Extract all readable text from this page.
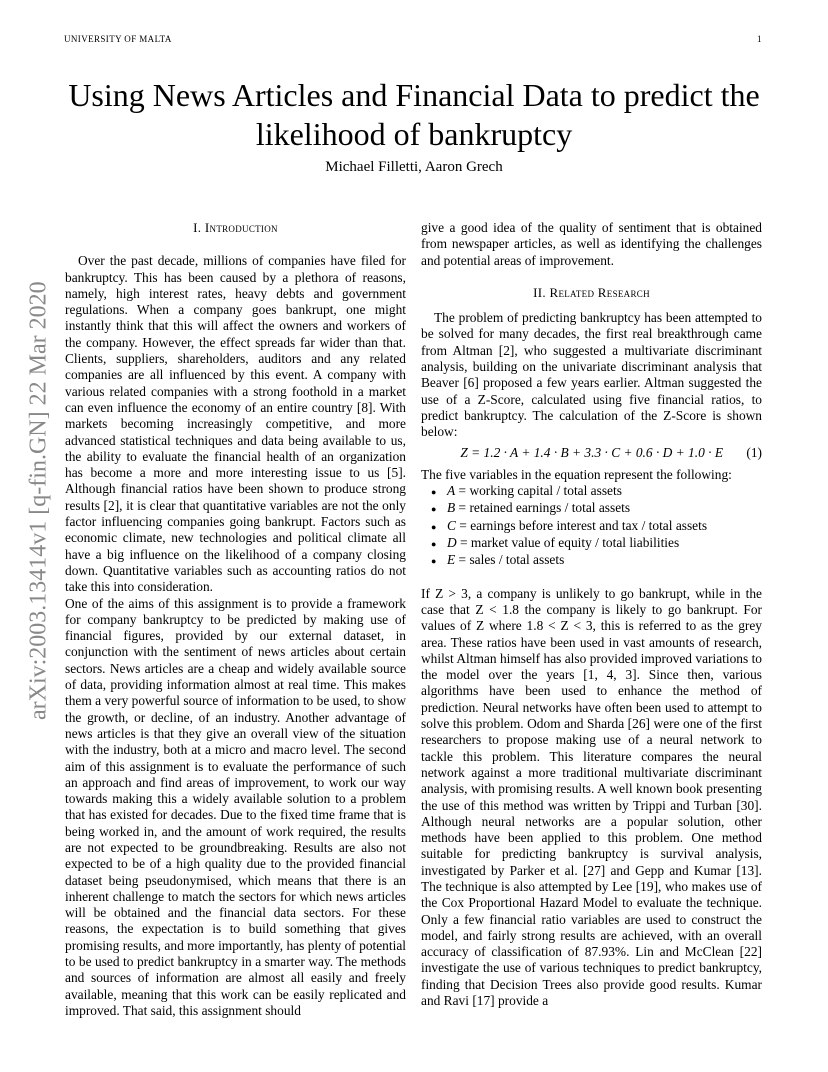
UNIVERSITY OF MALTA	1
Using News Articles and Financial Data to predict the likelihood of bankruptcy
Michael Filletti, Aaron Grech
arXiv:2003.13414v1 [q-fin.GN] 22 Mar 2020
I. Introduction

Over the past decade, millions of companies have filed for bankruptcy. This has been caused by a plethora of reasons, namely, high interest rates, heavy debts and government regulations. When a company goes bankrupt, one might instantly think that this will affect the owners and workers of the company. However, the effect spreads far wider than that. Clients, suppliers, shareholders, auditors and any related companies are all influenced by this event. A company with various related companies with a strong foothold in a market can even influence the economy of an entire country [8]. With markets becoming increasingly competitive, and more advanced statistical techniques and data being available to us, the ability to evaluate the financial health of an organization has become a more and more interesting issue to us [5]. Although financial ratios have been shown to produce strong results [2], it is clear that quantitative variables are not the only factor influencing companies going bankrupt. Factors such as economic climate, new technologies and political climate all have a big influence on the likelihood of a company closing down. Quantitative variables such as accounting ratios do not take this into consideration.

One of the aims of this assignment is to provide a framework for company bankruptcy to be predicted by making use of financial figures, provided by our external dataset, in conjunction with the sentiment of news articles about certain sectors. News articles are a cheap and widely available source of data, providing information almost at real time. This makes them a very powerful source of information to be used, to show the growth, or decline, of an industry. Another advantage of news articles is that they give an overall view of the situation with the industry, both at a micro and macro level. The second aim of this assignment is to evaluate the performance of such an approach and find areas of improvement, to work our way towards making this a widely available solution to a problem that has existed for decades. Due to the fixed time frame that is being worked in, and the amount of work required, the results are not expected to be groundbreaking. Results are also not expected to be of a high quality due to the provided financial dataset being pseudonymised, which means that there is an inherent challenge to match the sectors for which news articles will be obtained and the financial data sectors. For these reasons, the expectation is to build something that gives promising results, and more importantly, has plenty of potential to be used to predict bankruptcy in a smarter way. The methods and sources of information are almost all easily and freely available, meaning that this work can be easily replicated and improved. That said, this assignment should

give a good idea of the quality of sentiment that is obtained from newspaper articles, as well as identifying the challenges and potential areas of improvement.

II. Related Research

The problem of predicting bankruptcy has been attempted to be solved for many decades, the first real breakthrough came from Altman [2], who suggested a multivariate discriminant analysis, building on the univariate discriminant analysis that Beaver [6] proposed a few years earlier. Altman suggested the use of a Z-Score, calculated using five financial ratios, to predict bankruptcy. The calculation of the Z-Score is shown below:

Z = 1.2 · A + 1.4 · B + 3.3 · C + 0.6 · D + 1.0 · E	(1)

The five variables in the equation represent the following:

● A
= working capital / total assets
● B
= retained earnings / total assets
● C
= earnings before interest and tax / total assets
● D
= market value of equity / total liabilities
● E
= sales / total assets

If Z > 3, a company is unlikely to go bankrupt, while in the case that Z < 1.8 the company is likely to go bankrupt. For values of Z where 1.8 < Z < 3, this is referred to as the grey area. These ratios have been used in vast amounts of research, whilst Altman himself has also provided improved variations to the model over the years [1, 4, 3]. Since then, various algorithms have been used to enhance the method of prediction. Neural networks have often been used to attempt to solve this problem. Odom and Sharda [26] were one of the first researchers to propose making use of a neural network to tackle this problem. This literature compares the neural network against a more traditional multivariate discriminant analysis, with promising results. A well known book presenting the use of this method was written by Trippi and Turban [30]. Although neural networks are a popular solution, other methods have been applied to this problem. One method suitable for predicting bankruptcy is survival analysis, investigated by Parker et al. [27] and Gepp and Kumar [13]. The technique is also attempted by Lee [19], who makes use of the Cox Proportional Hazard Model to evaluate the technique. Only a few financial ratio variables are used to construct the model, and fairly strong results are achieved, with an overall accuracy of classification of 87.93%. Lin and McClean [22] investigate the use of various techniques to predict bankruptcy, finding that Decision Trees also provide good results. Kumar and Ravi [17] provide a
